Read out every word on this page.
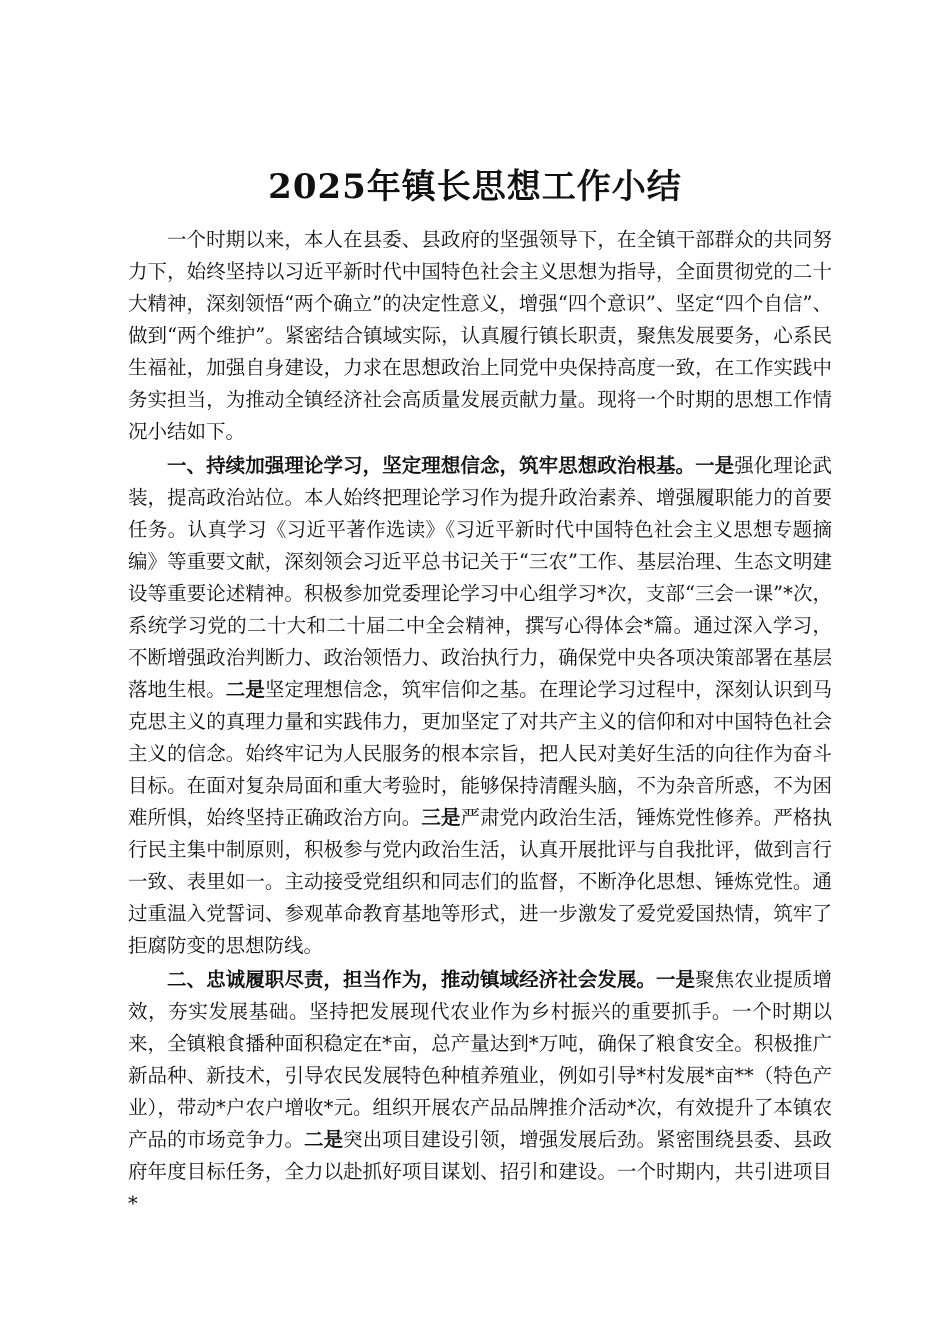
2025年镇长思想工作小结

一个时期以来，本人在县委、县政府的坚强领导下，在全镇干部群众的共同努力下，始终坚持以习近平新时代中国特色社会主义思想为指导，全面贯彻党的二十大精神，深刻领悟“两个确立”的决定性意义，增强“四个意识”、坚定“四个自信”、做到“两个维护”。紧密结合镇域实际，认真履行镇长职责，聚焦发展要务，心系民生福祉，加强自身建设，力求在思想政治上同党中央保持高度一致，在工作实践中务实担当，为推动全镇经济社会高质量发展贡献力量。现将一个时期的思想工作情况小结如下。

一、持续加强理论学习，坚定理想信念，筑牢思想政治根基。一是强化理论武装，提高政治站位。本人始终把理论学习作为提升政治素养、增强履职能力的首要任务。认真学习《习近平著作选读》《习近平新时代中国特色社会主义思想专题摘编》等重要文献，深刻领会习近平总书记关于“三农”工作、基层治理、生态文明建设等重要论述精神。积极参加党委理论学习中心组学习*次，支部“三会一课”*次，系统学习党的二十大和二十届二中全会精神，撰写心得体会*篇。通过深入学习，不断增强政治判断力、政治领悟力、政治执行力，确保党中央各项决策部署在基层落地生根。二是坚定理想信念，筑牢信仰之基。在理论学习过程中，深刻认识到马克思主义的真理力量和实践伟力，更加坚定了对共产主义的信仰和对中国特色社会主义的信念。始终牢记为人民服务的根本宗旨，把人民对美好生活的向往作为奋斗目标。在面对复杂局面和重大考验时，能够保持清醒头脑，不为杂音所惑，不为困难所惧，始终坚持正确政治方向。三是严肃党内政治生活，锤炼党性修养。严格执行民主集中制原则，积极参与党内政治生活，认真开展批评与自我批评，做到言行一致、表里如一。主动接受党组织和同志们的监督，不断净化思想、锤炼党性。通过重温入党誓词、参观革命教育基地等形式，进一步激发了爱党爱国热情，筑牢了拒腐防变的思想防线。

二、忠诚履职尽责，担当作为，推动镇域经济社会发展。一是聚焦农业提质增效，夯实发展基础。坚持把发展现代农业作为乡村振兴的重要抓手。一个时期以来，全镇粮食播种面积稳定在*亩，总产量达到*万吨，确保了粮食安全。积极推广新品种、新技术，引导农民发展特色种植养殖业，例如引导*村发展*亩**（特色产业），带动*户农户增收*元。组织开展农产品品牌推介活动*次，有效提升了本镇农产品的市场竞争力。二是突出项目建设引领，增强发展后劲。紧密围绕县委、县政府年度目标任务，全力以赴抓好项目谋划、招引和建设。一个时期内，共引进项目*
